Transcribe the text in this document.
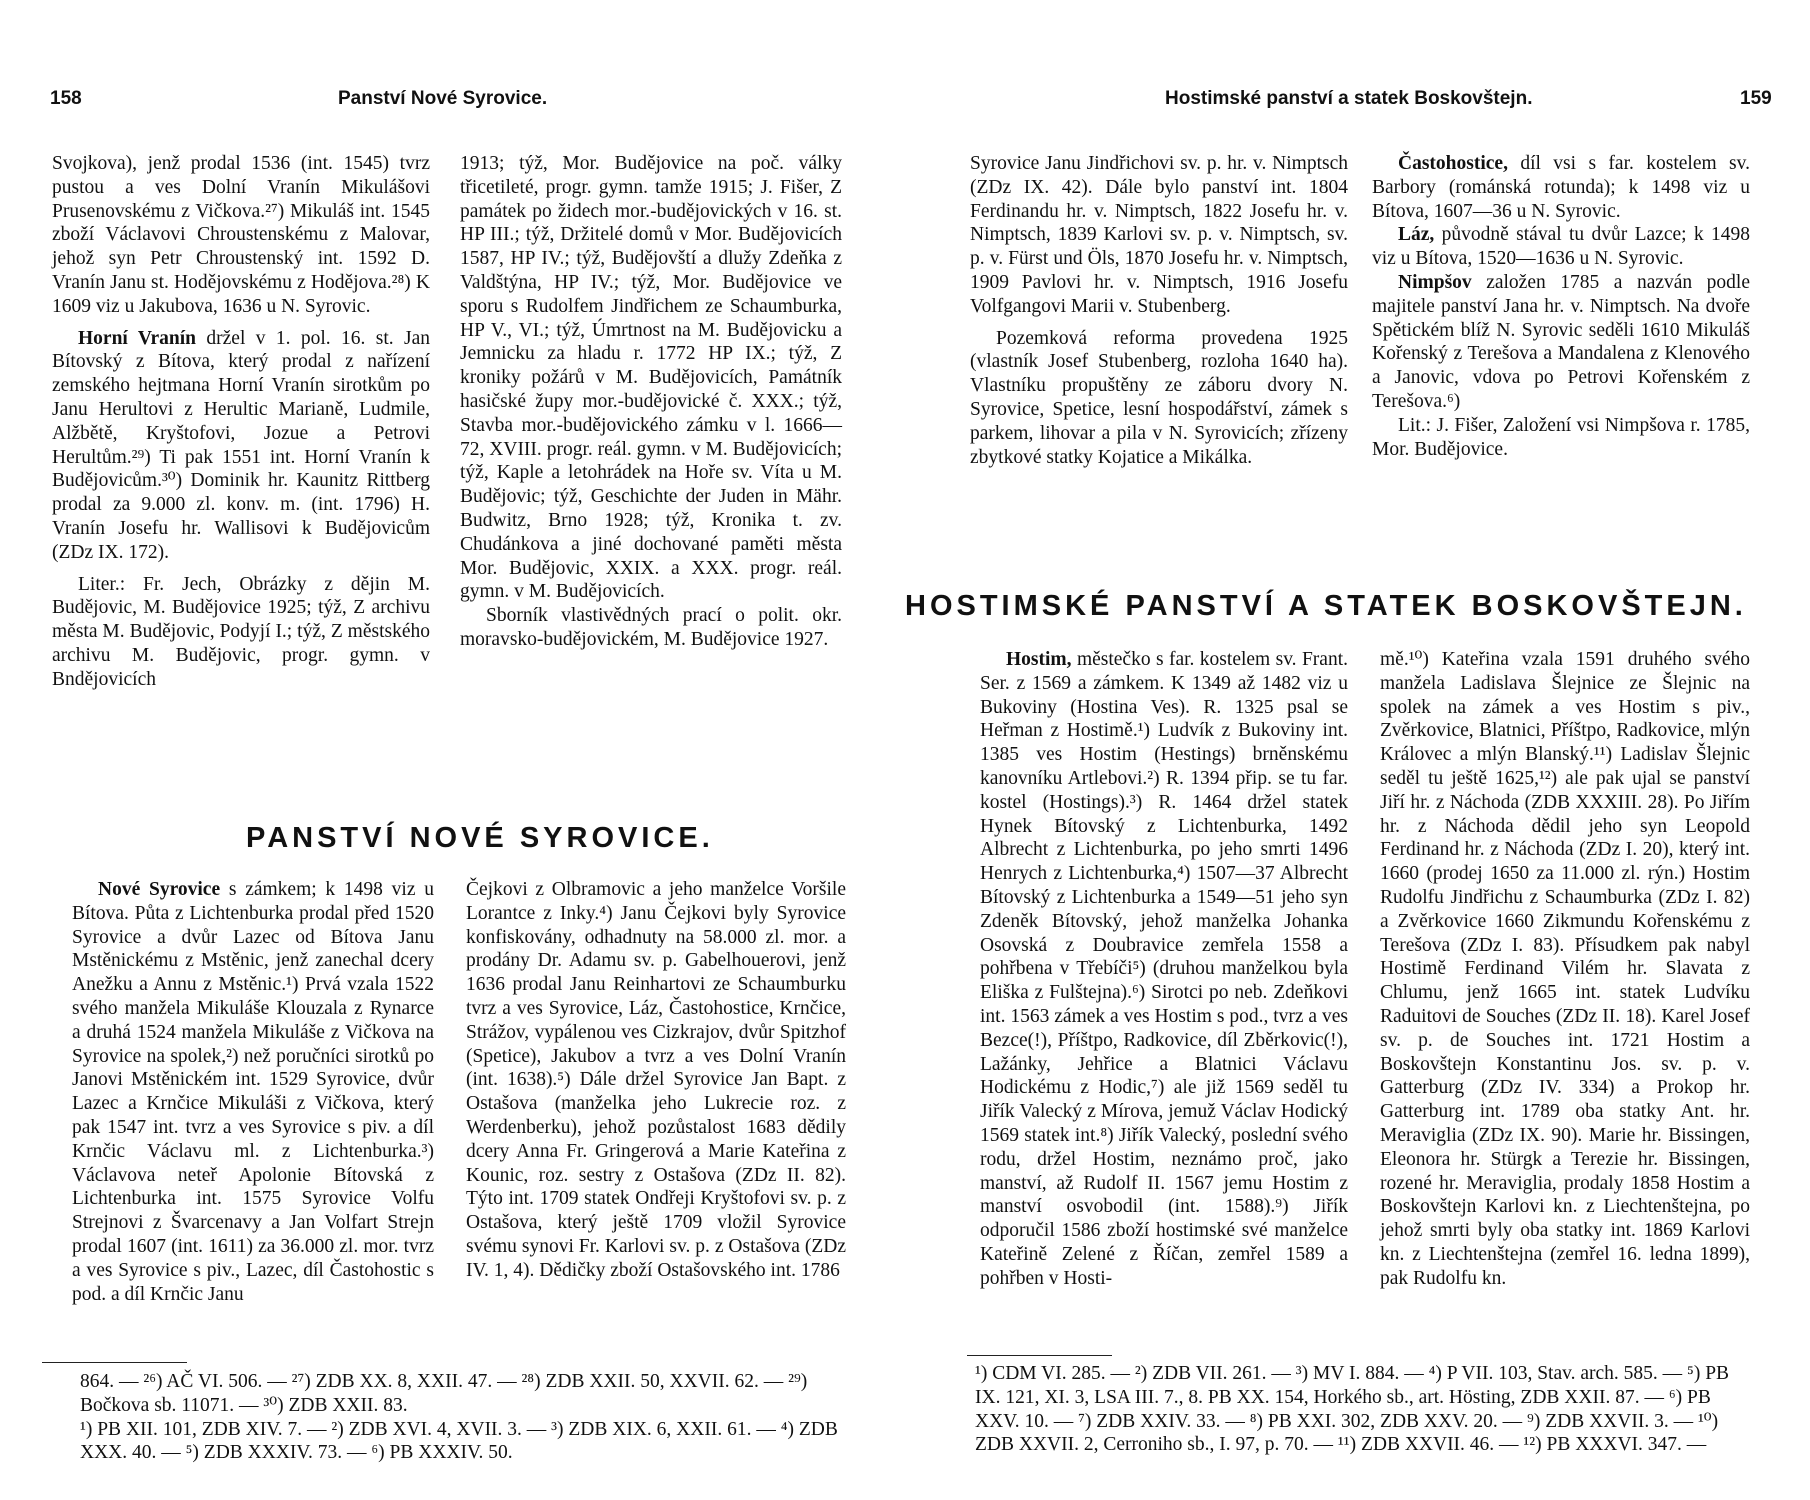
158	Panství Nové Syrovice.

Svojkova), jenž prodal 1536 (int. 1545) tvrz pustou a ves Dolní Vranín Mikulášovi Prusenovskému z Vičkova.²⁷) Mikuláš int. 1545 zboží Václavovi Chroustenskému z Malovar, jehož syn Petr Chroustenský int. 1592 D. Vranín Janu st. Hodějovskému z Hodějova.²⁸) K 1609 viz u Jakubova, 1636 u N. Syrovic.

Horní Vranín držel v 1. pol. 16. st. Jan Bítovský z Bítova, který prodal z nařízení zemského hejtmana Horní Vranín sirotkům po Janu Herultovi z Herultic Marianě, Ludmile, Alžbětě, Kryštofovi, Jozue a Petrovi Herultům.²⁹) Ti pak 1551 int. Horní Vranín k Budějovicům.³⁰) Dominik hr. Kaunitz Rittberg prodal za 9.000 zl. konv. m. (int. 1796) H. Vranín Josefu hr. Wallisovi k Budějovicům (ZDz IX. 172).

Liter.: Fr. Jech, Obrázky z dějin M. Budějovic, M. Budějovice 1925; týž, Z archivu města M. Budějovic, Podyjí I.; týž, Z městského archivu M. Budějovic, progr. gymn. v Bndějovicích

1913; týž, Mor. Budějovice na poč. války třicetileté, progr. gymn. tamže 1915; J. Fišer, Z památek po židech mor.-budějovických v 16. st. HP III.; týž, Držitelé domů v Mor. Budějovicích 1587, HP IV.; týž, Budějovští a dlužy Zdeňka z Valdštýna, HP IV.; týž, Mor. Budějovice ve sporu s Rudolfem Jindřichem ze Schaumburka, HP V., VI.; týž, Úmrtnost na M. Budějovicku a Jemnicku za hladu r. 1772 HP IX.; týž, Z kroniky požárů v M. Budějovicích, Památník hasičské župy mor.-budějovické č. XXX.; týž, Stavba mor.-budějovického zámku v l. 1666—72, XVIII. progr. reál. gymn. v M. Budějovicích; týž, Kaple a letohrádek na Hoře sv. Víta u M. Budějovic; týž, Geschichte der Juden in Mähr. Budwitz, Brno 1928; týž, Kronika t. zv. Chudánkova a jiné dochované paměti města Mor. Budějovic, XXIX. a XXX. progr. reál. gymn. v M. Budějovicích.

Sborník vlastivědných prací o polit. okr. moravsko-budějovickém, M. Budějovice 1927.

PANSTVÍ NOVÉ SYROVICE.

Nové Syrovice s zámkem; k 1498 viz u Bítova. Půta z Lichtenburka prodal před 1520 Syrovice a dvůr Lazec od Bítova Janu Mstěnickému z Mstěnic, jenž zanechal dcery Anežku a Annu z Mstěnic.¹) Prvá vzala 1522 svého manžela Mikuláše Klouzala z Rynarce a druhá 1524 manžela Mikuláše z Vičkova na Syrovice na spolek,²) než poručníci sirotků po Janovi Mstěnickém int. 1529 Syrovice, dvůr Lazec a Krnčice Mikuláši z Vičkova, který pak 1547 int. tvrz a ves Syrovice s piv. a díl Krnčic Václavu ml. z Lichtenburka.³) Václavova neteř Apolonie Bítovská z Lichtenburka int. 1575 Syrovice Volfu Strejnovi z Švarcenavy a Jan Volfart Strejn prodal 1607 (int. 1611) za 36.000 zl. mor. tvrz a ves Syrovice s piv., Lazec, díl Častohostic s pod. a díl Krnčic Janu

Čejkovi z Olbramovic a jeho manželce Voršile Lorantce z Inky.⁴) Janu Čejkovi byly Syrovice konfiskovány, odhadnuty na 58.000 zl. mor. a prodány Dr. Adamu sv. p. Gabelhouerovi, jenž 1636 prodal Janu Reinhartovi ze Schaumburku tvrz a ves Syrovice, Láz, Častohostice, Krnčice, Strážov, vypálenou ves Cizkrajov, dvůr Spitzhof (Spetice), Jakubov a tvrz a ves Dolní Vranín (int. 1638).⁵) Dále držel Syrovice Jan Bapt. z Ostašova (manželka jeho Lukrecie roz. z Werdenberku), jehož pozůstalost 1683 dědily dcery Anna Fr. Gringerová a Marie Kateřina z Kounic, roz. sestry z Ostašova (ZDz II. 82). Týto int. 1709 statek Ondřeji Kryštofovi sv. p. z Ostašova, který ještě 1709 vložil Syrovice svému synovi Fr. Karlovi sv. p. z Ostašova (ZDz IV. 1, 4). Dědičky zboží Ostašovského int. 1786

864. — ²⁶) AČ VI. 506. — ²⁷) ZDB XX. 8, XXII. 47. — ²⁸) ZDB XXII. 50, XXVII. 62. — ²⁹) Bočkova sb. 11071. — ³⁰) ZDB XXII. 83.

¹) PB XII. 101, ZDB XIV. 7. — ²) ZDB XVI. 4, XVII. 3. — ³) ZDB XIX. 6, XXII. 61. — ⁴) ZDB XXX. 40. — ⁵) ZDB XXXIV. 73. — ⁶) PB XXXIV. 50.

Hostimské panství a statek Boskovštejn.	159

Syrovice Janu Jindřichovi sv. p. hr. v. Nimptsch (ZDz IX. 42). Dále bylo panství int. 1804 Ferdinandu hr. v. Nimptsch, 1822 Josefu hr. v. Nimptsch, 1839 Karlovi sv. p. v. Nimptsch, sv. p. v. Fürst und Öls, 1870 Josefu hr. v. Nimptsch, 1909 Pavlovi hr. v. Nimptsch, 1916 Josefu Volfgangovi Marii v. Stubenberg.

Pozemková reforma provedena 1925 (vlastník Josef Stubenberg, rozloha 1640 ha). Vlastníku propuštěny ze záboru dvory N. Syrovice, Spetice, lesní hospodářství, zámek s parkem, lihovar a pila v N. Syrovicích; zřízeny zbytkové statky Kojatice a Mikálka.

Častohostice, díl vsi s far. kostelem sv. Barbory (románská rotunda); k 1498 viz u Bítova, 1607—36 u N. Syrovic.

Láz, původně stával tu dvůr Lazce; k 1498 viz u Bítova, 1520—1636 u N. Syrovic.

Nimpšov založen 1785 a nazván podle majitele panství Jana hr. v. Nimptsch. Na dvoře Spětickém blíž N. Syrovic seděli 1610 Mikuláš Kořenský z Terešova a Mandalena z Klenového a Janovic, vdova po Petrovi Kořenském z Terešova.⁶)

Lit.: J. Fišer, Založení vsi Nimpšova r. 1785, Mor. Budějovice.

HOSTIMSKÉ PANSTVÍ A STATEK BOSKOVŠTEJN.

Hostim, městečko s far. kostelem sv. Frant. Ser. z 1569 a zámkem. K 1349 až 1482 viz u Bukoviny (Hostina Ves). R. 1325 psal se Heřman z Hostimě.¹) Ludvík z Bukoviny int. 1385 ves Hostim (Hestings) brněnskému kanovníku Artlebovi.²) R. 1394 přip. se tu far. kostel (Hostings).³) R. 1464 držel statek Hynek Bítovský z Lichtenburka, 1492 Albrecht z Lichtenburka, po jeho smrti 1496 Henrych z Lichtenburka,⁴) 1507—37 Albrecht Bítovský z Lichtenburka a 1549—51 jeho syn Zdeněk Bítovský, jehož manželka Johanka Osovská z Doubravice zemřela 1558 a pohřbena v Třebíči⁵) (druhou manželkou byla Eliška z Fulštejna).⁶) Sirotci po neb. Zdeňkovi int. 1563 zámek a ves Hostim s pod., tvrz a ves Bezce(!), Příštpo, Radkovice, díl Zběrkovic(!), Lažánky, Jehřice a Blatnici Václavu Hodickému z Hodic,⁷) ale již 1569 seděl tu Jiřík Valecký z Mírova, jemuž Václav Hodický 1569 statek int.⁸) Jiřík Valecký, poslední svého rodu, držel Hostim, neznámo proč, jako manství, až Rudolf II. 1567 jemu Hostim z manství osvobodil (int. 1588).⁹) Jiřík odporučil 1586 zboží hostimské své manželce Kateřině Zelené z Říčan, zemřel 1589 a pohřben v Hosti-

mě.¹⁰) Kateřina vzala 1591 druhého svého manžela Ladislava Šlejnice ze Šlejnic na spolek na zámek a ves Hostim s piv., Zvěrkovice, Blatnici, Příštpo, Radkovice, mlýn Královec a mlýn Blanský.¹¹) Ladislav Šlejnic seděl tu ještě 1625,¹²) ale pak ujal se panství Jiří hr. z Náchoda (ZDB XXXIII. 28). Po Jiřím hr. z Náchoda dědil jeho syn Leopold Ferdinand hr. z Náchoda (ZDz I. 20), který int. 1660 (prodej 1650 za 11.000 zl. rýn.) Hostim Rudolfu Jindřichu z Schaumburka (ZDz I. 82) a Zvěrkovice 1660 Zikmundu Kořenskému z Terešova (ZDz I. 83). Přísudkem pak nabyl Hostimě Ferdinand Vilém hr. Slavata z Chlumu, jenž 1665 int. statek Ludvíku Raduitovi de Souches (ZDz II. 18). Karel Josef sv. p. de Souches int. 1721 Hostim a Boskovštejn Konstantinu Jos. sv. p. v. Gatterburg (ZDz IV. 334) a Prokop hr. Gatterburg int. 1789 oba statky Ant. hr. Meraviglia (ZDz IX. 90). Marie hr. Bissingen, Eleonora hr. Stürgk a Terezie hr. Bissingen, rozené hr. Meraviglia, prodaly 1858 Hostim a Boskovštejn Karlovi kn. z Liechtenštejna, po jehož smrti byly oba statky int. 1869 Karlovi kn. z Liechtenštejna (zemřel 16. ledna 1899), pak Rudolfu kn.

¹) CDM VI. 285. — ²) ZDB VII. 261. — ³) MV I. 884. — ⁴) P VII. 103, Stav. arch. 585. — ⁵) PB IX. 121, XI. 3, LSA III. 7., 8. PB XX. 154, Horkého sb., art. Hösting, ZDB XXII. 87. — ⁶) PB XXV. 10. — ⁷) ZDB XXIV. 33. — ⁸) PB XXI. 302, ZDB XXV. 20. — ⁹) ZDB XXVII. 3. — ¹⁰) ZDB XXVII. 2, Cerroniho sb., I. 97, p. 70. — ¹¹) ZDB XXVII. 46. — ¹²) PB XXXVI. 347. —
